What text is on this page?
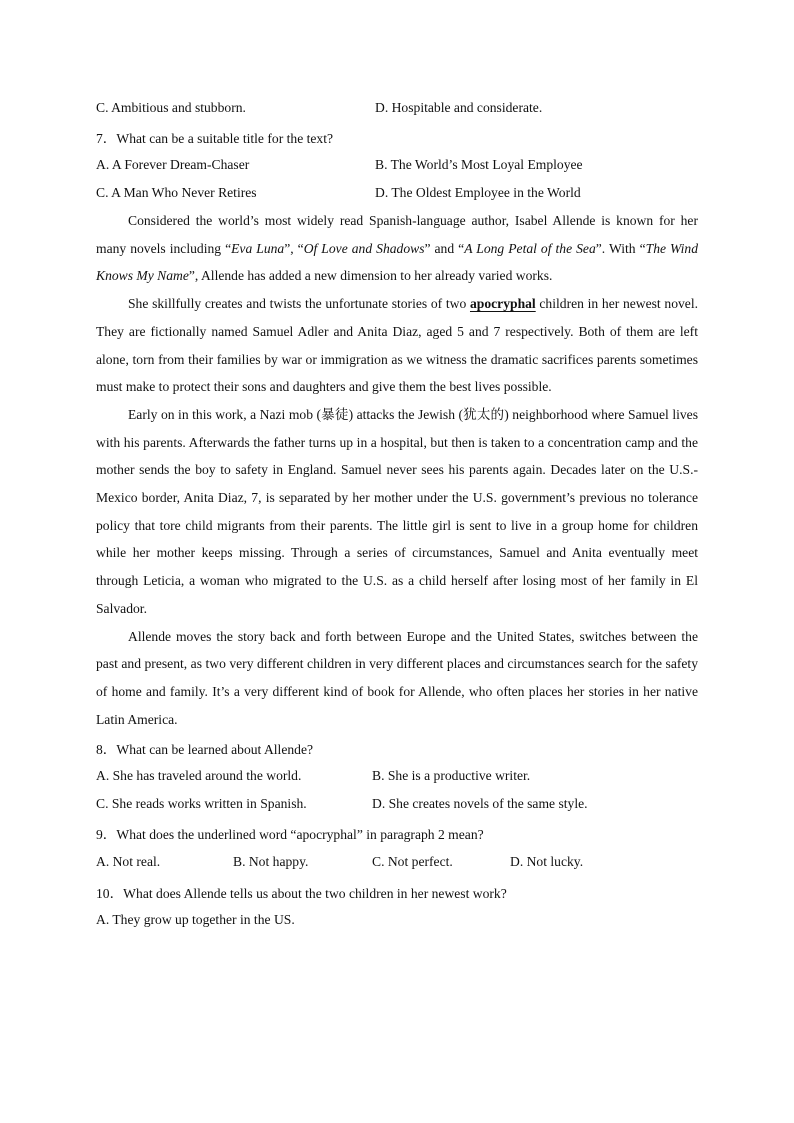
C. Ambitious and stubborn.	D. Hospitable and considerate.
7．What can be a suitable title for the text?
A. A Forever Dream-Chaser	B. The World’s Most Loyal Employee
C. A Man Who Never Retires	D. The Oldest Employee in the World

Considered the world’s most widely read Spanish-language author, Isabel Allende is known for her many novels including “Eva Luna”, “Of Love and Shadows” and “A Long Petal of the Sea”. With “The Wind Knows My Name”, Allende has added a new dimension to her already varied works.

She skillfully creates and twists the unfortunate stories of two apocryphal children in her newest novel. They are fictionally named Samuel Adler and Anita Diaz, aged 5 and 7 respectively. Both of them are left alone, torn from their families by war or immigration as we witness the dramatic sacrifices parents sometimes must make to protect their sons and daughters and give them the best lives possible.

Early on in this work, a Nazi mob (暴徒) attacks the Jewish (犹太的) neighborhood where Samuel lives with his parents. Afterwards the father turns up in a hospital, but then is taken to a concentration camp and the mother sends the boy to safety in England. Samuel never sees his parents again. Decades later on the U.S.-Mexico border, Anita Diaz, 7, is separated by her mother under the U.S. government’s previous no tolerance policy that tore child migrants from their parents. The little girl is sent to live in a group home for children while her mother keeps missing. Through a series of circumstances, Samuel and Anita eventually meet through Leticia, a woman who migrated to the U.S. as a child herself after losing most of her family in El Salvador.

Allende moves the story back and forth between Europe and the United States, switches between the past and present, as two very different children in very different places and circumstances search for the safety of home and family. It’s a very different kind of book for Allende, who often places her stories in her native Latin America.

8．What can be learned about Allende?
A. She has traveled around the world.	B. She is a productive writer.
C. She reads works written in Spanish.	D. She creates novels of the same style.
9．What does the underlined word “apocryphal” in paragraph 2 mean?
A. Not real.	B. Not happy.	C. Not perfect.	D. Not lucky.
10．What does Allende tells us about the two children in her newest work?
A. They grow up together in the US.
